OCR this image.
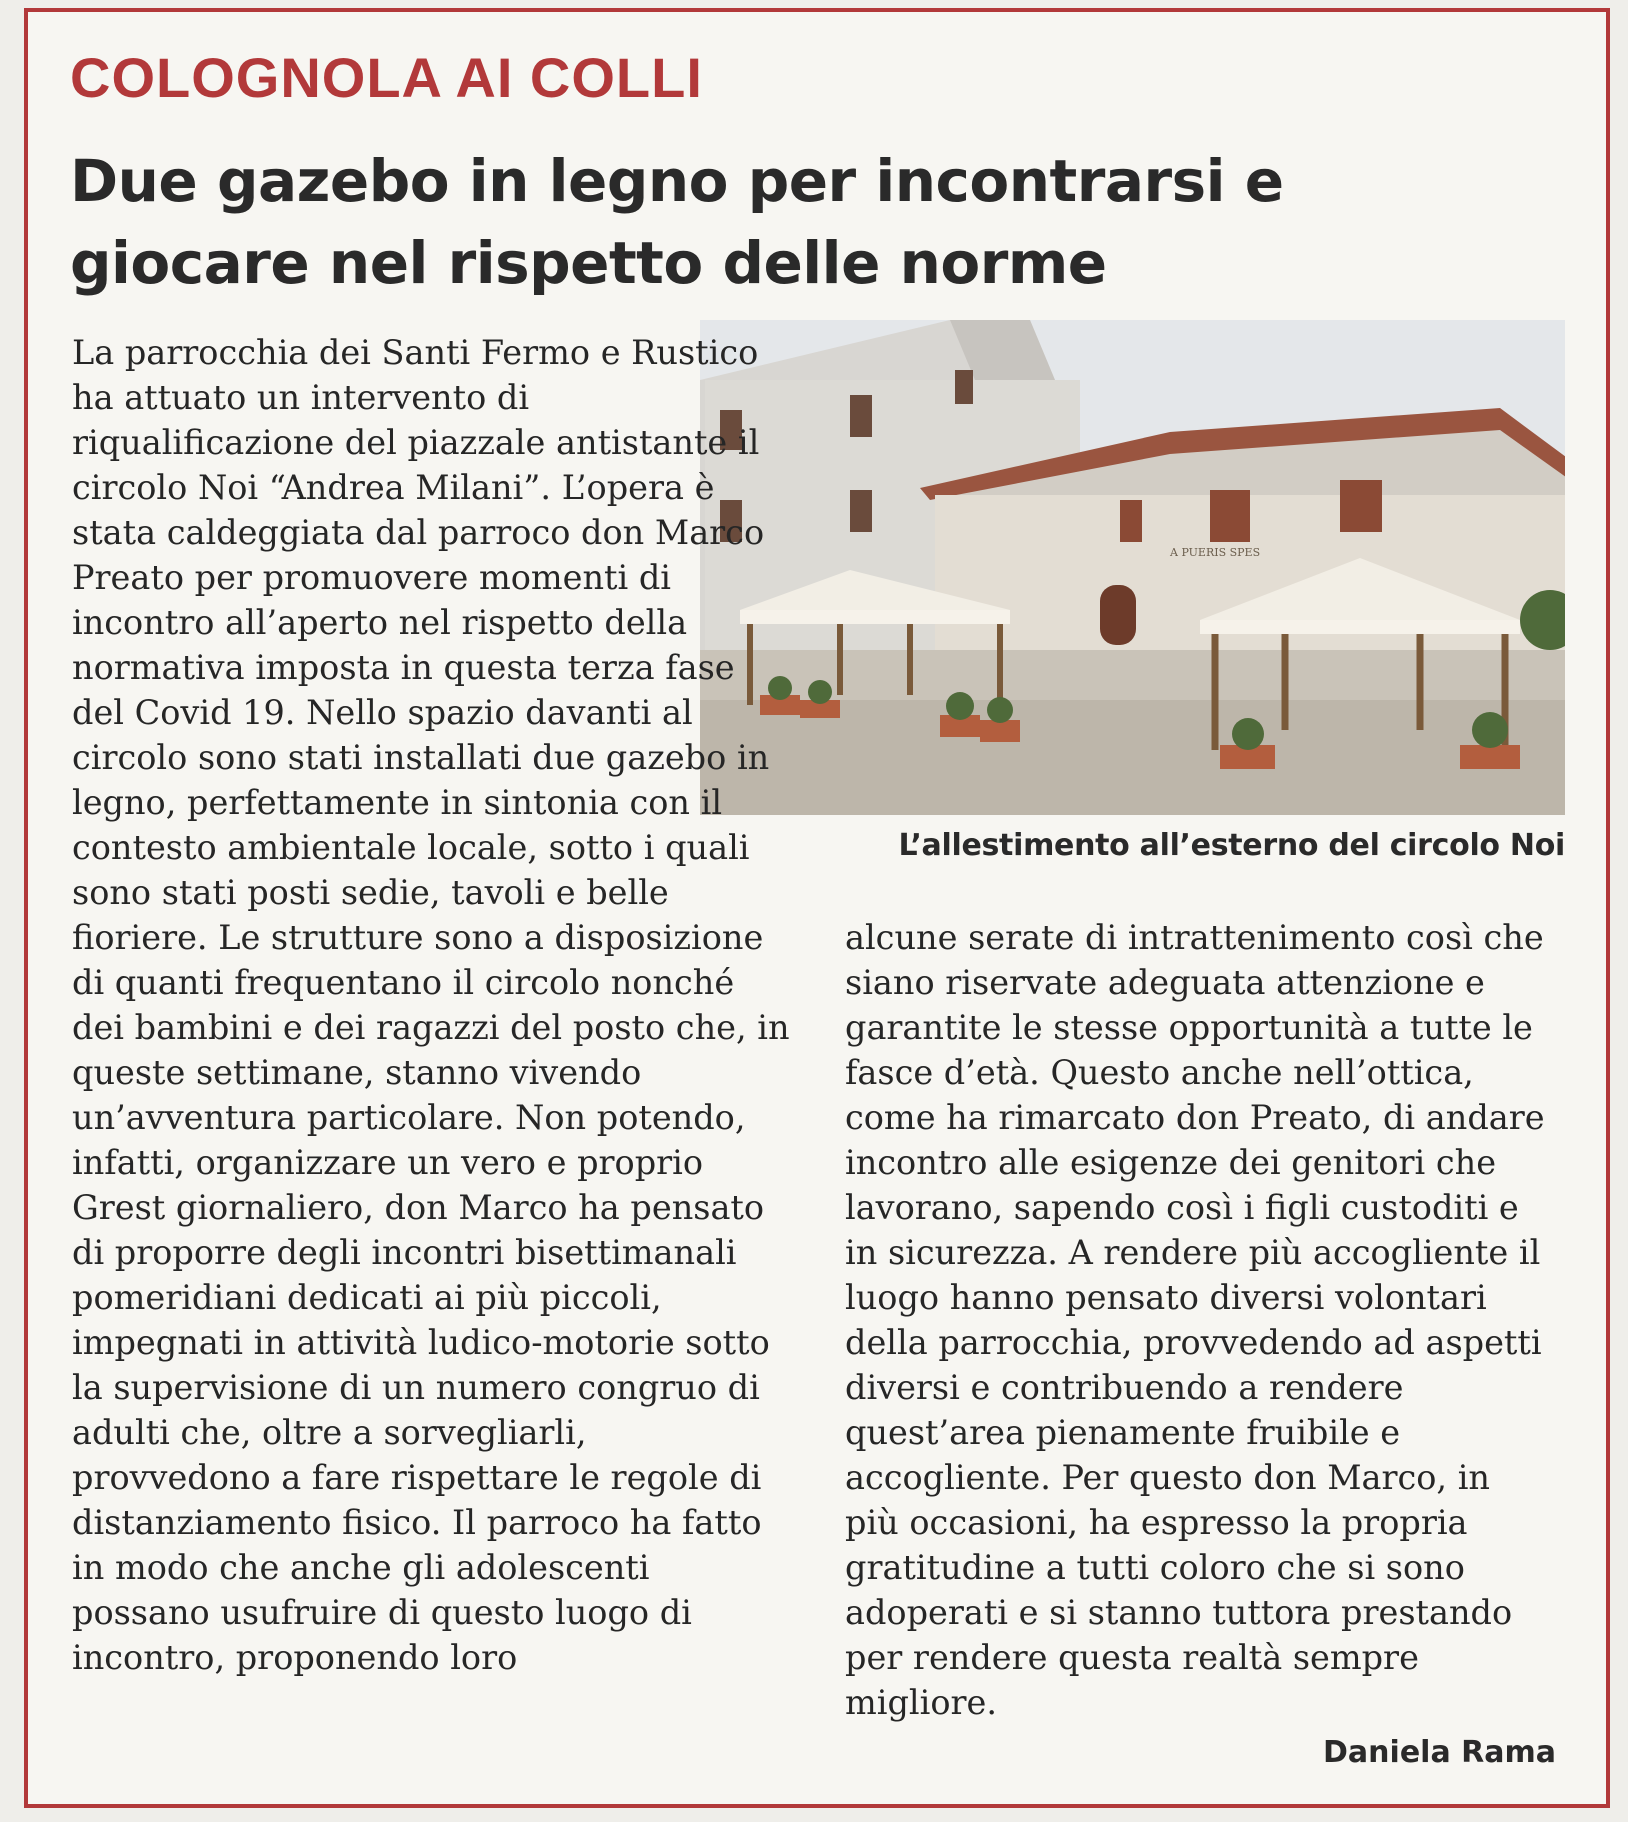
COLOGNOLA AI COLLI
Due gazebo in legno per incontrarsi e giocare nel rispetto delle norme
A PUERIS SPES
L’allestimento all’esterno del circolo Noi

La parrocchia dei Santi Fermo e Rustico ha attuato un intervento di riqualificazione del piazzale antistante il circolo Noi “Andrea Milani”. L’opera è stata caldeggiata dal parroco don Marco Preato per promuovere momenti di incontro all’aperto nel rispetto della normativa imposta in questa terza fase del Covid 19. Nello spazio davanti al circolo sono stati installati due gazebo in legno, perfettamente in sintonia con il contesto ambientale locale, sotto i quali sono stati posti sedie, tavoli e belle fioriere. Le strutture sono a disposizione di quanti frequentano il circolo nonché dei bambini e dei ragazzi del posto che, in queste settimane, stanno vivendo un’avventura particolare. Non potendo, infatti, organizzare un vero e proprio Grest giornaliero, don Marco ha pensato di proporre degli incontri bisettimanali pomeridiani dedicati ai più piccoli, impegnati in attività ludico-motorie sotto la supervisione di un numero congruo di adulti che, oltre a sorvegliarli, provvedono a fare rispettare le regole di distanziamento fisico. Il parroco ha fatto in modo che anche gli adolescenti possano usufruire di questo luogo di incontro, proponendo loro

alcune serate di intrattenimento così che siano riservate adeguata attenzione e garantite le stesse opportunità a tutte le fasce d’età. Questo anche nell’ottica, come ha rimarcato don Preato, di andare incontro alle esigenze dei genitori che lavorano, sapendo così i figli custoditi e in sicurezza. A rendere più accogliente il luogo hanno pensato diversi volontari della parrocchia, provvedendo ad aspetti diversi e contribuendo a rendere quest’area pienamente fruibile e accogliente. Per questo don Marco, in più occasioni, ha espresso la propria gratitudine a tutti coloro che si sono adoperati e si stanno tuttora prestando per rendere questa realtà sempre migliore.

Daniela Rama
